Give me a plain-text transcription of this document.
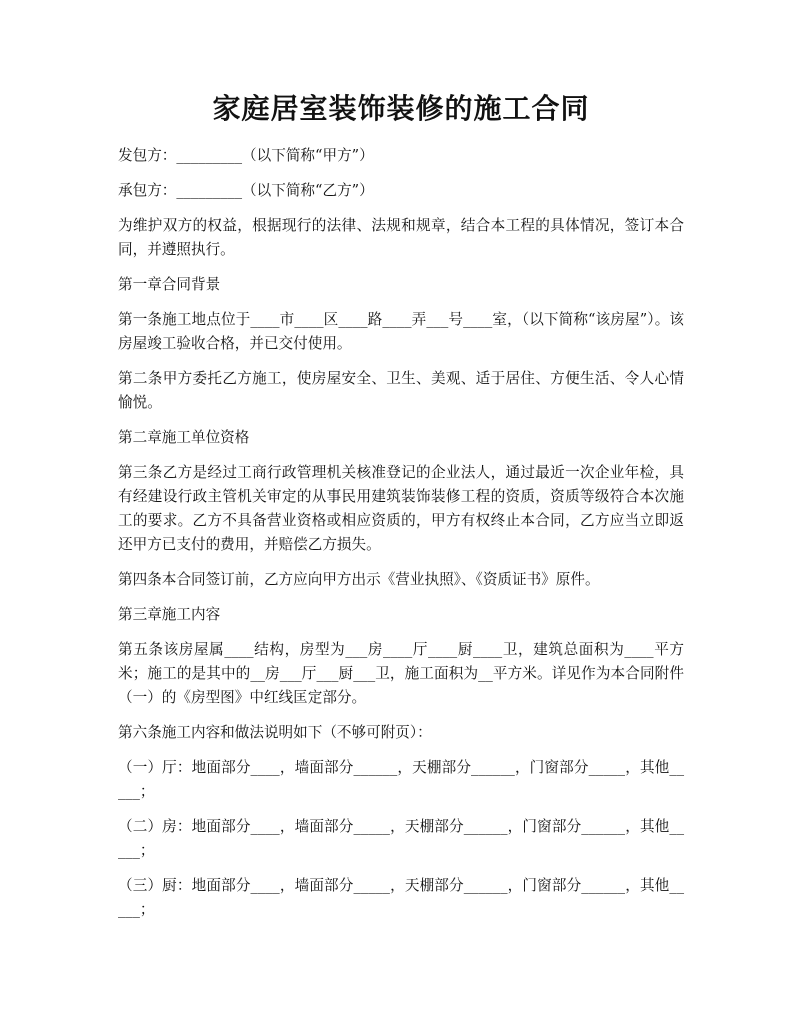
家庭居室装饰装修的施工合同

发包方：_________（以下简称“甲方”）

承包方：_________（以下简称“乙方”）

为维护双方的权益，根据现行的法律、法规和规章，结合本工程的具体情况，签订本合同，并遵照执行。

第一章合同背景

第一条施工地点位于____市____区____路____弄___号____室，（以下简称“该房屋”）。该房屋竣工验收合格，并已交付使用。

第二条甲方委托乙方施工，使房屋安全、卫生、美观、适于居住、方便生活、令人心情愉悦。

第二章施工单位资格

第三条乙方是经过工商行政管理机关核准登记的企业法人，通过最近一次企业年检，具有经建设行政主管机关审定的从事民用建筑装饰装修工程的资质，资质等级符合本次施工的要求。乙方不具备营业资格或相应资质的，甲方有权终止本合同，乙方应当立即返还甲方已支付的费用，并赔偿乙方损失。

第四条本合同签订前，乙方应向甲方出示《营业执照》、《资质证书》原件。

第三章施工内容

第五条该房屋属____结构，房型为___房____厅____厨____卫，建筑总面积为____平方米；施工的是其中的__房___厅___厨___卫，施工面积为__平方米。详见作为本合同附件（一）的《房型图》中红线匡定部分。

第六条施工内容和做法说明如下（不够可附页）：

（一）厅：地面部分____，墙面部分______，天棚部分______，门窗部分_____，其他_____；

（二）房：地面部分____，墙面部分_____，天棚部分______，门窗部分______，其他_____；

（三）厨：地面部分____，墙面部分_____，天棚部分______，门窗部分______，其他_____；
